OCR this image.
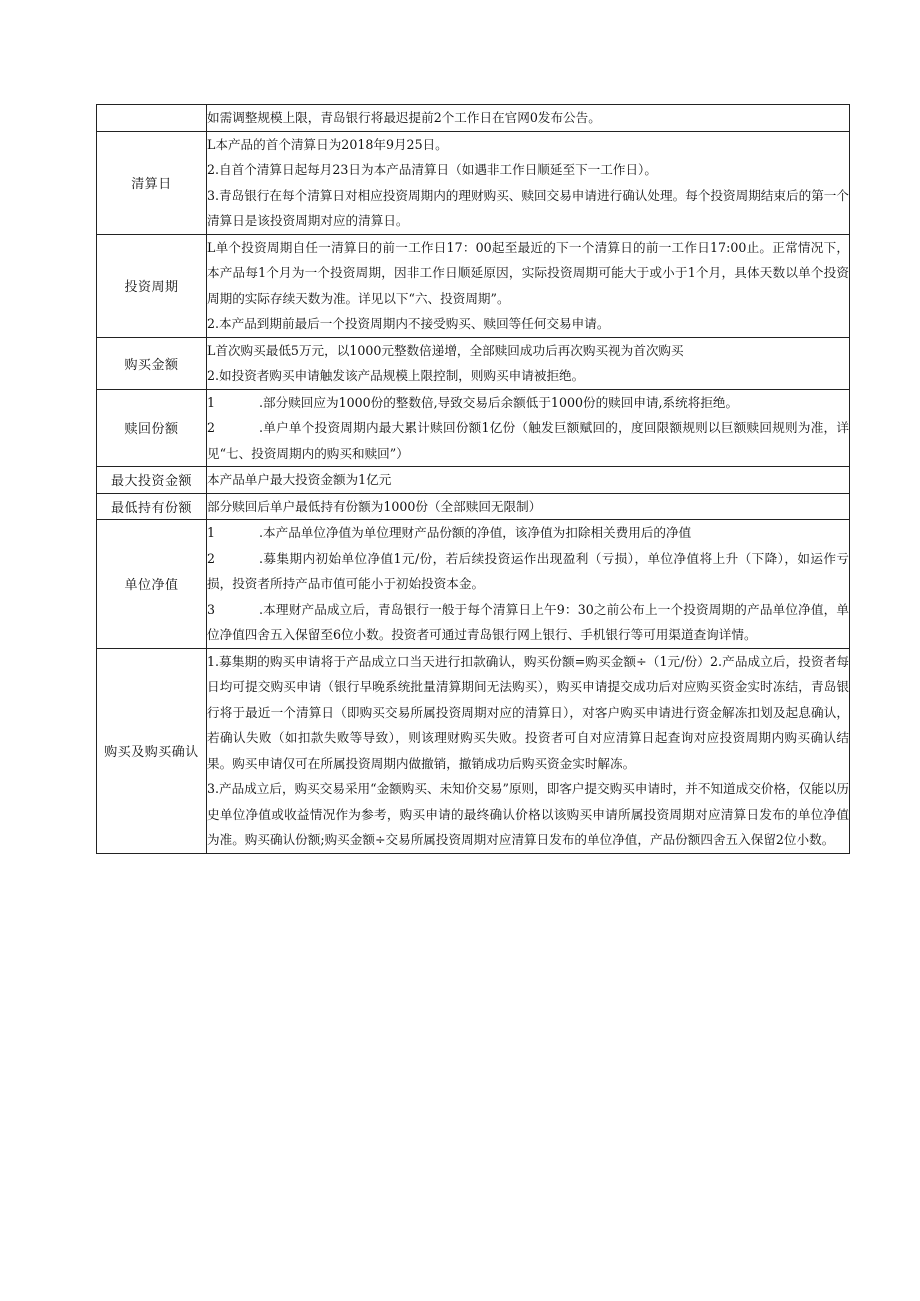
	如需调整规模上限，青岛银行将最迟提前2个工作日在官网0发布公告。

清算日	L本产品的首个清算日为2018年9月25日。

2.自首个清算日起每月23日为本产品清算日（如遇非工作日顺延至下一工作日）。

3.青岛银行在每个清算日对相应投资周期内的理财购买、赎回交易申请进行确认处理。每个投资周期结束后的第一个清算日是该投资周期对应的清算日。

投资周期	L单个投资周期自任一清算日的前一工作日17：00起至最近的下一个清算日的前一工作日17:00止。正常情况下，本产品每1个月为一个投资周期，因非工作日顺延原因，实际投资周期可能大于或小于1个月，具体天数以单个投资周期的实际存续天数为准。详见以下“六、投资周期”。

2.本产品到期前最后一个投资周期内不接受购买、赎回等任何交易申请。

购买金额	L首次购买最低5万元，以1000元整数倍递增，全部赎回成功后再次购买视为首次购买

2.如投资者购买申请触发该产品规模上限控制，则购买申请被拒绝。

赎回份额	1 .部分赎回应为1000份的整数倍,导致交易后余额低于1000份的赎回申请,系统将拒绝。

2 .单户单个投资周期内最大累计赎回份额1亿份（触发巨额赋回的，度回限额规则以巨额赎回规则为准，详见“七、投资周期内的购买和赎回”）

最大投资金额	本产品单户最大投资金额为1亿元

最低持有份额	部分赎回后单户最低持有份额为1000份（全部赎回无限制）

单位净值	1 .本产品单位净值为单位理财产品份额的净值，该净值为扣除相关费用后的净值

2 .募集期内初始单位净值1元/份，若后续投资运作出现盈利（亏损），单位净值将上升（下降），如运作亏损，投资者所持产品市值可能小于初始投资本金。

3 .本理财产品成立后，青岛银行一般于每个清算日上午9：30之前公布上一个投资周期的产品单位净值，单位净值四舍五入保留至6位小数。投资者可通过青岛银行网上银行、手机银行等可用渠道查询详情。

购买及购买确认	1.募集期的购买申请将于产品成立口当天进行扣款确认，购买份额=购买金额÷（1元/份）2.产品成立后，投资者每日均可提交购买申请（银行早晚系统批量清算期间无法购买），购买申请提交成功后对应购买资金实时冻结，青岛银行将于最近一个清算日（即购买交易所属投资周期对应的清算日），对客户购买申请进行资金解冻扣划及起息确认，若确认失败（如扣款失败等导致），则该理财购买失败。投资者可自对应清算日起查询对应投资周期内购买确认结果。购买申请仅可在所属投资周期内做撤销，撤销成功后购买资金实时解冻。

3.产品成立后，购买交易采用“金额购买、未知价交易”原则，即客户提交购买申请时，并不知道成交价格，仅能以历史单位净值或收益情况作为参考，购买申请的最终确认价格以该购买申请所属投资周期对应清算日发布的单位净值为准。购买确认份额;购买金额÷交易所属投资周期对应清算日发布的单位净值，产品份额四舍五入保留2位小数。
